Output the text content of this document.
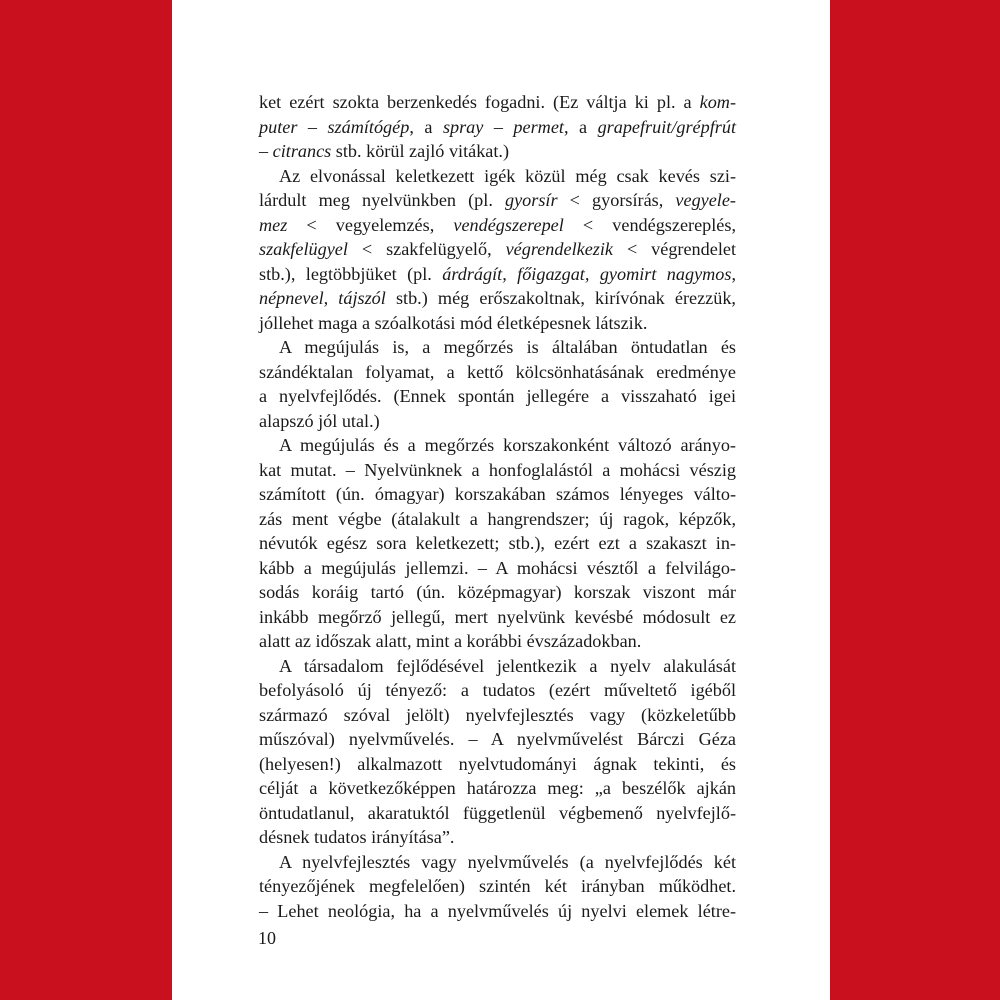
ket ezért szokta berzenkedés fogadni. (Ez váltja ki pl. a kom-
puter – számítógép, a spray – permet, a grapefruit/grépfrút
– citrancs stb. körül zajló vitákat.)

Az elvonással keletkezett igék közül még csak kevés szi-
lárdult meg nyelvünkben (pl. gyorsír < gyorsírás, vegyele-
mez < vegyelemzés, vendégszerepel < vendégszereplés,
szakfelügyel < szakfelügyelő, végrendelkezik < végrendelet
stb.), legtöbbjüket (pl. árdrágít, főigazgat, gyomirt nagymos,
népnevel, tájszól stb.) még erőszakoltnak, kirívónak érezzük,
jóllehet maga a szóalkotási mód életképesnek látszik.

A megújulás is, a megőrzés is általában öntudatlan és
szándéktalan folyamat, a kettő kölcsönhatásának eredménye
a nyelvfejlődés. (Ennek spontán jellegére a visszaható igei
alapszó jól utal.)

A megújulás és a megőrzés korszakonként változó arányo-
kat mutat. – Nyelvünknek a honfoglalástól a mohácsi vészig
számított (ún. ómagyar) korszakában számos lényeges válto-
zás ment végbe (átalakult a hangrendszer; új ragok, képzők,
névutók egész sora keletkezett; stb.), ezért ezt a szakaszt in-
kább a megújulás jellemzi. – A mohácsi vésztől a felvilágo-
sodás koráig tartó (ún. középmagyar) korszak viszont már
inkább megőrző jellegű, mert nyelvünk kevésbé módosult ez
alatt az időszak alatt, mint a korábbi évszázadokban.

A társadalom fejlődésével jelentkezik a nyelv alakulását
befolyásoló új tényező: a tudatos (ezért műveltető igéből
származó szóval jelölt) nyelvfejlesztés vagy (közkeletűbb
műszóval) nyelvművelés. – A nyelvművelést Bárczi Géza
(helyesen!) alkalmazott nyelvtudományi ágnak tekinti, és
célját a következőképpen határozza meg: „a beszélők ajkán
öntudatlanul, akaratuktól függetlenül végbemenő nyelvfejlő-
désnek tudatos irányítása”.

A nyelvfejlesztés vagy nyelvművelés (a nyelvfejlődés két
tényezőjének megfelelően) szintén két irányban működhet.
– Lehet neológia, ha a nyelvművelés új nyelvi elemek létre-

10
